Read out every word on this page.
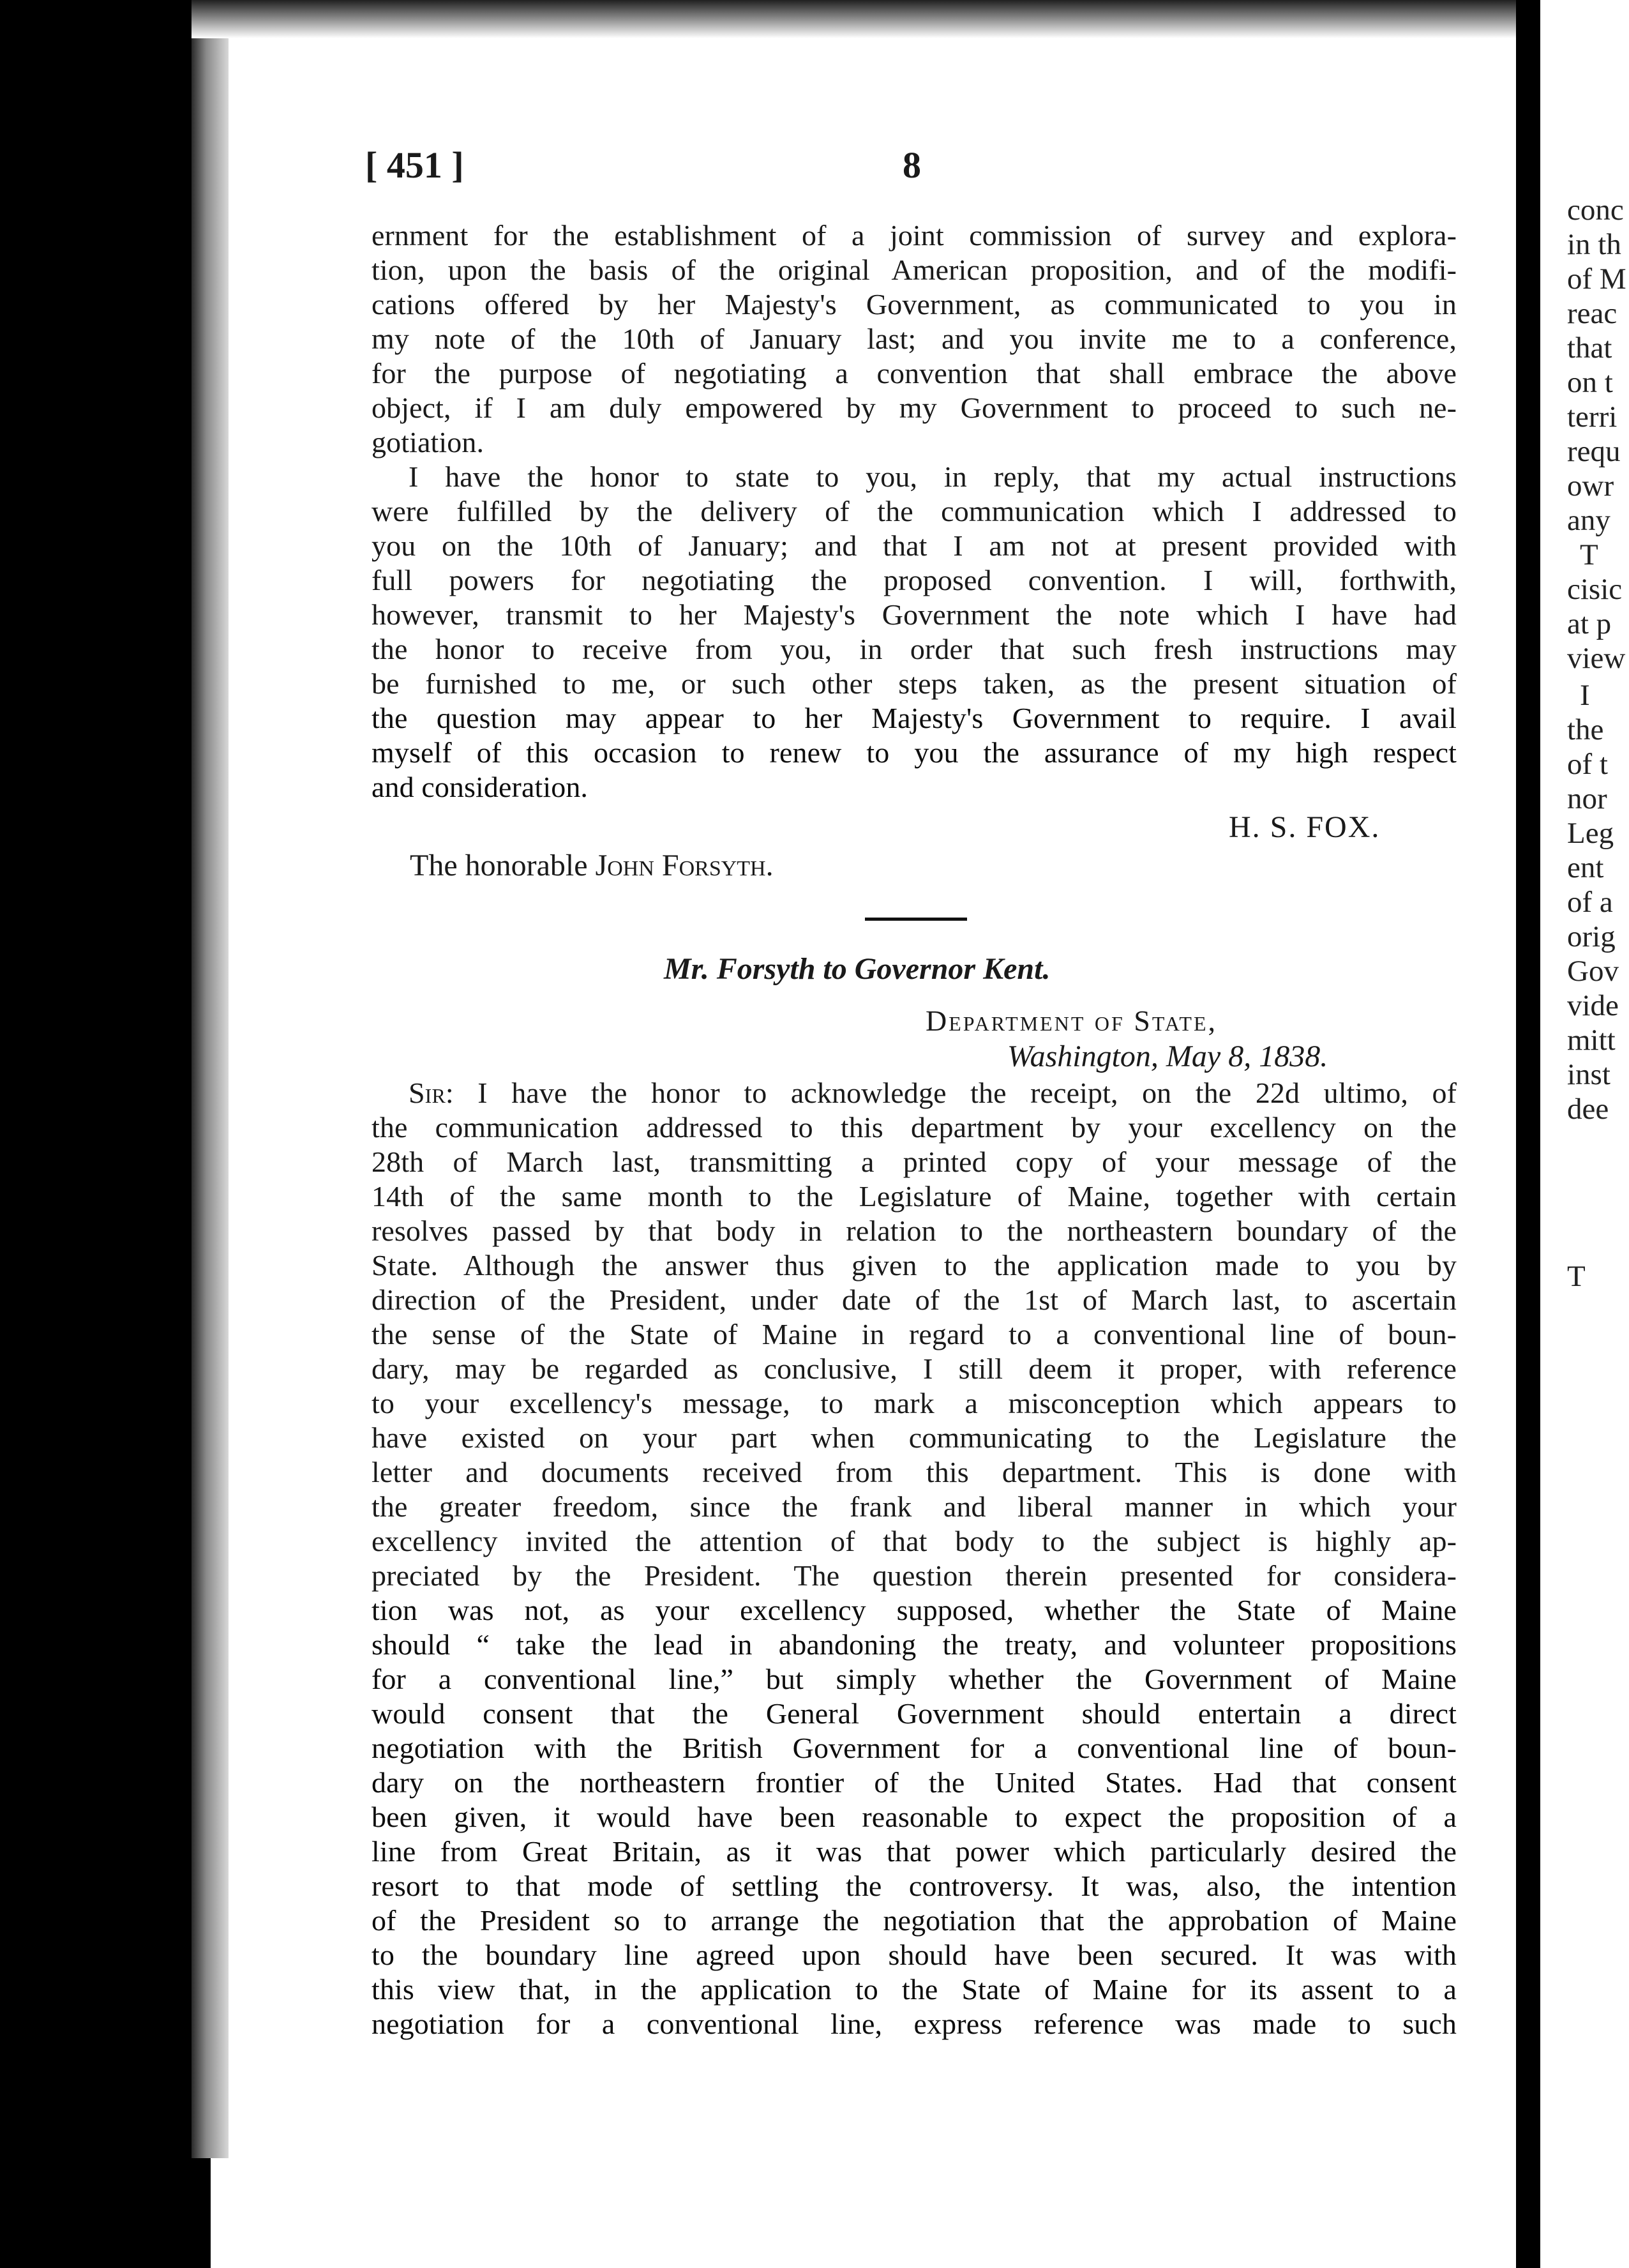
conc
in th
of M
reac
that
on t
terri
requ
owr
any
T
cisic
at p
view
I
the
of t
nor
Leg
ent
of a
orig
Gov
vide
mitt
inst
dee
T
[ 451 ]	8
ernment for the establishment of a joint commission of survey and explora-
tion, upon the basis of the original American proposition, and of the modifi-
cations offered by her Majesty's Government, as communicated to you in
my note of the 10th of January last; and you invite me to a conference,
for the purpose of negotiating a convention that shall embrace the above
object, if I am duly empowered by my Government to proceed to such ne-
gotiation.
I have the honor to state to you, in reply, that my actual instructions
were fulfilled by the delivery of the communication which I addressed to
you on the 10th of January; and that I am not at present provided with
full powers for negotiating the proposed convention. I will, forthwith,
however, transmit to her Majesty's Government the note which I have had
the honor to receive from you, in order that such fresh instructions may
be furnished to me, or such other steps taken, as the present situation of
the question may appear to her Majesty's Government to require. I avail
myself of this occasion to renew to you the assurance of my high respect
and consideration.
H. S. FOX.
The honorable John Forsyth.
Mr. Forsyth to Governor Kent.
Department of State,
Washington, May 8, 1838.
Sir: I have the honor to acknowledge the receipt, on the 22d ultimo, of
the communication addressed to this department by your excellency on the
28th of March last, transmitting a printed copy of your message of the
14th of the same month to the Legislature of Maine, together with certain
resolves passed by that body in relation to the northeastern boundary of the
State. Although the answer thus given to the application made to you by
direction of the President, under date of the 1st of March last, to ascertain
the sense of the State of Maine in regard to a conventional line of boun-
dary, may be regarded as conclusive, I still deem it proper, with reference
to your excellency's message, to mark a misconception which appears to
have existed on your part when communicating to the Legislature the
letter and documents received from this department. This is done with
the greater freedom, since the frank and liberal manner in which your
excellency invited the attention of that body to the subject is highly ap-
preciated by the President. The question therein presented for considera-
tion was not, as your excellency supposed, whether the State of Maine
should “ take the lead in abandoning the treaty, and volunteer propositions
for a conventional line,” but simply whether the Government of Maine
would consent that the General Government should entertain a direct
negotiation with the British Government for a conventional line of boun-
dary on the northeastern frontier of the United States. Had that consent
been given, it would have been reasonable to expect the proposition of a
line from Great Britain, as it was that power which particularly desired the
resort to that mode of settling the controversy. It was, also, the intention
of the President so to arrange the negotiation that the approbation of Maine
to the boundary line agreed upon should have been secured. It was with
this view that, in the application to the State of Maine for its assent to a
negotiation for a conventional line, express reference was made to such
